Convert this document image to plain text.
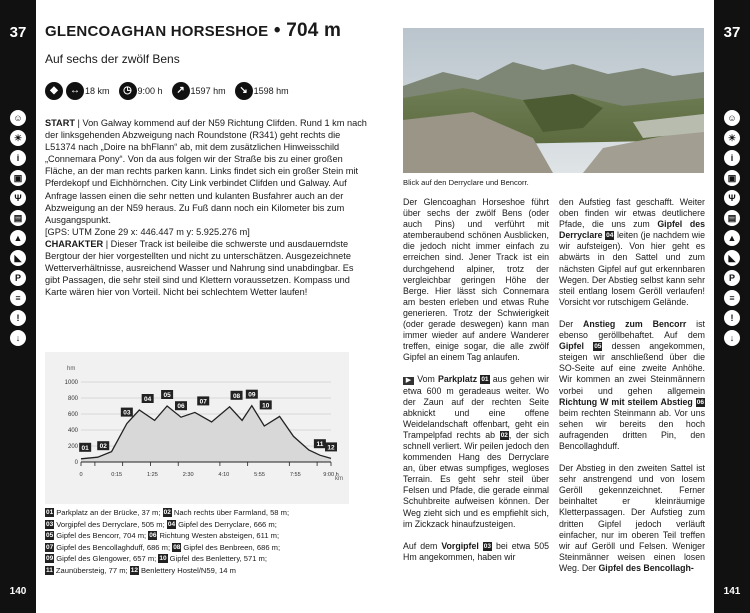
37
☺
☀
i
▣
Ψ
▤
▲
◣
P
≡
!
↓
140
GLENCOAGHAN HORSESHOE • 704 m
Auf sechs der zwölf Bens
◆	↔ 18 km	◷ 9:00 h	↗ 1597 hm	↘ 1598 hm
START | Von Galway kommend auf der N59 Richtung Clifden. Rund 1 km nach der linksgehenden Abzweigung nach Roundstone (R341) geht rechts die L51374 nach „Doire na bhFlann“ ab, mit dem zusätzlichen Hinweisschild „Connemara Pony“. Von da aus folgen wir der Straße bis zu einer großen Fläche, an der man rechts parken kann. Links findet sich ein großer Stein mit Pferdekopf und Eichhörnchen. City Link verbindet Clifden und Galway. Auf Anfrage lassen einen die sehr netten und kulanten Busfahrer auch an der Abzweigung an der N59 heraus. Zu Fuß dann noch ein Kilometer bis zum Ausgangspunkt.
[GPS: UTM Zone 29 x: 446.447 m y: 5.925.276 m]
CHARAKTER | Dieser Track ist beileibe die schwerste und ausdauerndste Bergtour der hier vorgestellten und nicht zu unterschätzen. Ausgezeichnete Wetterverhältnisse, ausreichend Wasser und Nahrung sind unabdingbar. Es gibt Passagen, die sehr steil sind und Klettern voraussetzen. Kompass und Karte wären hier von Vorteil. Nicht bei schlechtem Wetter laufen!
hm
km
1000
800
600
400
200
0
0	0:15	1:25	2:30	4:10	5:55	7:55	9:00 h
01 02
03
04
05
06
07
08 09
10
11 12
01 Parkplatz an der Brücke, 37 m; 02 Nach rechts über Farmland, 58 m;
03 Vorgipfel des Derryclare, 505 m; 04 Gipfel des Derryclare, 666 m;
05 Gipfel des Bencorr, 704 m; 06 Richtung Westen absteigen, 611 m;
07 Gipfel des Bencollaghduff, 686 m; 08 Gipfel des Benbreen, 686 m;
09 Gipfel des Glengower, 657 m; 10 Gipfel des Benlettery, 571 m;
11 Zaunübersteig, 77 m; 12 Benlettery Hostel/N59, 14 m

Blick auf den Derryclare und Bencorr.

Der Glencoaghan Horseshoe führt über sechs der zwölf Bens (oder auch Pins) und verführt mit atemberaubend schönen Ausblicken, die jedoch nicht immer einfach zu erreichen sind. Jener Track ist ein durchgehend alpiner, trotz der vergleichbar geringen Höhe der Berge. Hier lässt sich Connemara am besten erleben und etwas Ruhe generieren. Trotz der Schwierigkeit (oder gerade deswegen) kann man immer wieder auf andere Wanderer treffen, einige sogar, die alle zwölf Gipfel an einem Tag anlaufen.

▶ Vom Parkplatz 01 aus gehen wir etwa 600 m geradeaus weiter. Wo der Zaun auf der rechten Seite abknickt und eine offene Weidelandschaft offenbart, geht ein Trampelpfad rechts ab 02, der sich schnell verliert. Wir peilen jedoch den kommenden Hang des Derryclare an, über etwas sumpfiges, wegloses Terrain. Es geht sehr steil über Felsen und Pfade, die gerade einmal Schuhbreite aufweisen können. Der Weg zieht sich und es empfiehlt sich, im Zickzack hinaufzusteigen.

Auf dem Vorgipfel 03 bei etwa 505 Hm angekommen, haben wir

den Aufstieg fast geschafft. Weiter oben finden wir etwas deutlichere Pfade, die uns zum Gipfel des Derryclare 04 leiten (je nachdem wie wir aufsteigen). Von hier geht es abwärts in den Sattel und zum nächsten Gipfel auf gut erkennbaren Wegen. Der Abstieg selbst kann sehr steil entlang losem Geröll verlaufen! Vorsicht vor rutschigem Gelände.

Der Anstieg zum Bencorr ist ebenso geröllbehaftet. Auf dem Gipfel 05 dessen angekommen, steigen wir anschließend über die SO-Seite auf eine zweite Anhöhe. Wir kommen an zwei Steinmännern vorbei und gehen allgemein Richtung W mit steilem Abstieg 06 beim rechten Steinmann ab. Vor uns sehen wir bereits den hoch aufragenden dritten Pin, den Bencollaghduff.

Der Abstieg in den zweiten Sattel ist sehr anstrengend und von losem Geröll gekennzeichnet. Ferner beinhaltet er kleinräumige Kletterpassagen. Der Aufstieg zum dritten Gipfel jedoch verläuft einfacher, nur im oberen Teil treffen wir auf Geröll und Felsen. Weniger Steinmänner weisen einen losen Weg. Der Gipfel des Bencollagh-

37
☺
☀
i
▣
Ψ
▤
▲
◣
P
≡
!
↓
141
